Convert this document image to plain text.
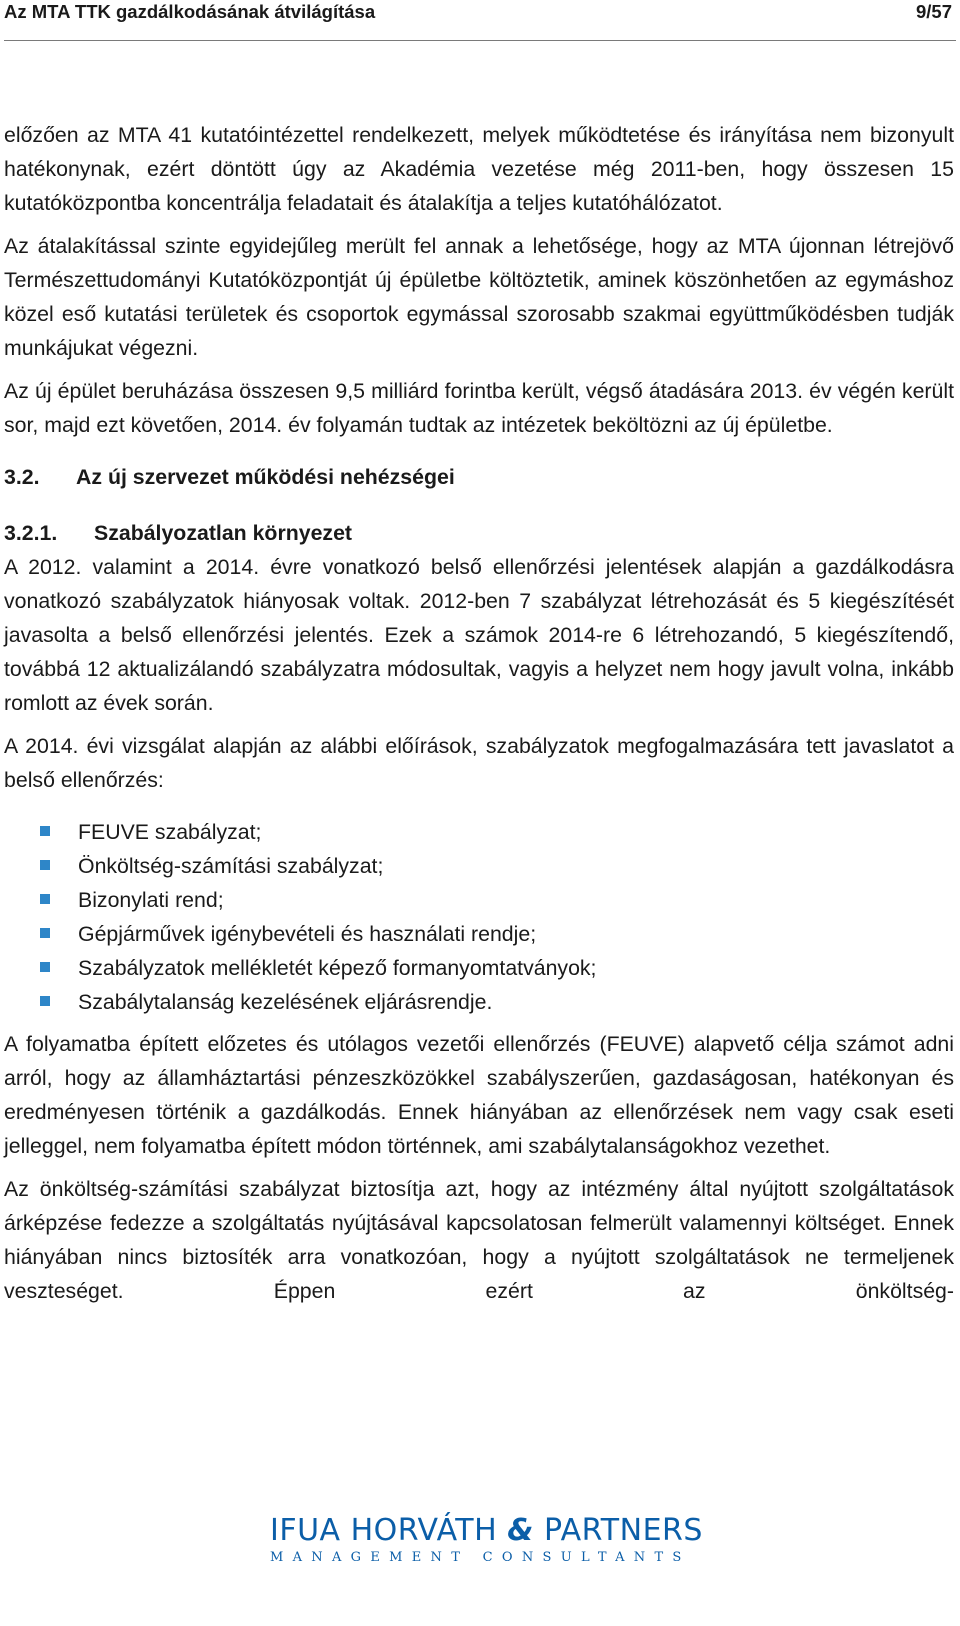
Az MTA TTK gazdálkodásának átvilágítása	9/57

előzően az MTA 41 kutatóintézettel rendelkezett, melyek működtetése és irányítása nem bizonyult hatékonynak, ezért döntött úgy az Akadémia vezetése még 2011-ben, hogy összesen 15 kutatóközpontba koncentrálja feladatait és átalakítja a teljes kutatóhálózatot.

Az átalakítással szinte egyidejűleg merült fel annak a lehetősége, hogy az MTA újonnan létrejövő Természettudományi Kutatóközpontját új épületbe költöztetik, aminek köszönhetően az egymáshoz közel eső kutatási területek és csoportok egymással szorosabb szakmai együttműködésben tudják munkájukat végezni.

Az új épület beruházása összesen 9,5 milliárd forintba került, végső átadására 2013. év végén került sor, majd ezt követően, 2014. év folyamán tudtak az intézetek beköltözni az új épületbe.

3.2. Az új szervezet működési nehézségei
3.2.1. Szabályozatlan környezet

A 2012. valamint a 2014. évre vonatkozó belső ellenőrzési jelentések alapján a gazdálkodásra vonatkozó szabályzatok hiányosak voltak. 2012-ben 7 szabályzat létrehozását és 5 kiegészítését javasolta a belső ellenőrzési jelentés. Ezek a számok 2014-re 6 létrehozandó, 5 kiegészítendő, továbbá 12 aktualizálandó szabályzatra módosultak, vagyis a helyzet nem hogy javult volna, inkább romlott az évek során.

A 2014. évi vizsgálat alapján az alábbi előírások, szabályzatok megfogalmazására tett javaslatot a belső ellenőrzés:

FEUVE szabályzat;
Önköltség-számítási szabályzat;
Bizonylati rend;
Gépjárművek igénybevételi és használati rendje;
Szabályzatok mellékletét képező formanyomtatványok;
Szabálytalanság kezelésének eljárásrendje.

A folyamatba épített előzetes és utólagos vezetői ellenőrzés (FEUVE) alapvető célja számot adni arról, hogy az államháztartási pénzeszközökkel szabályszerűen, gazdaságosan, hatékonyan és eredményesen történik a gazdálkodás. Ennek hiányában az ellenőrzések nem vagy csak eseti jelleggel, nem folyamatba épített módon történnek, ami szabálytalanságokhoz vezethet.

Az önköltség-számítási szabályzat biztosítja azt, hogy az intézmény által nyújtott szolgáltatások árképzése fedezze a szolgáltatás nyújtásával kapcsolatosan felmerült valamennyi költséget. Ennek hiányában nincs biztosíték arra vonatkozóan, hogy a nyújtott szolgáltatások ne termeljenek veszteséget. Éppen ezért az önköltség-

IFUA HORVÁTH & PARTNERS
MANAGEMENT CONSULTANTS
